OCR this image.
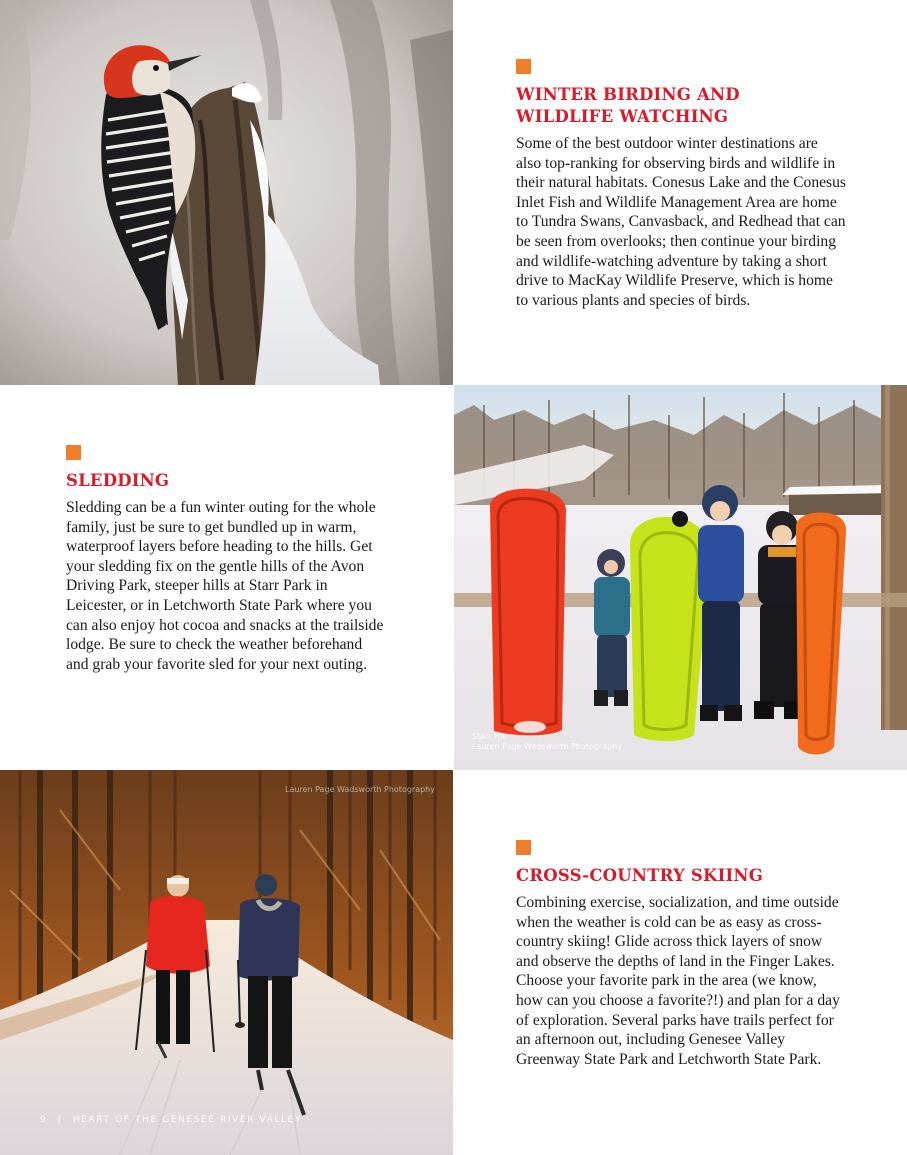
WINTER BIRDING AND
WILDLIFE WATCHING

Some of the best outdoor winter destinations are also top-ranking for observing birds and wildlife in their natural habitats. Conesus Lake and the Conesus Inlet Fish and Wildlife Management Area are home to Tundra Swans, Canvasback, and Redhead that can be seen from overlooks; then continue your birding and wildlife-watching adventure by taking a short drive to MacKay Wildlife Preserve, which is home to various plants and species of birds.

SLEDDING

Sledding can be a fun winter outing for the whole family, just be sure to get bundled up in warm, waterproof layers before heading to the hills. Get your sledding fix on the gentle hills of the Avon Driving Park, steeper hills at Starr Park in Leicester, or in Letchworth State Park where you can also enjoy hot cocoa and snacks at the trailside lodge. Be sure to check the weather beforehand and grab your favorite sled for your next outing.

Starr Hill
Lauren Page Wadsworth Photography
Lauren Page Wadsworth Photography
CROSS-COUNTRY SKIING

Combining exercise, socialization, and time outside when the weather is cold can be as easy as cross-country skiing! Glide across thick layers of snow and observe the depths of land in the Finger Lakes. Choose your favorite park in the area (we know, how can you choose a favorite?!) and plan for a day of exploration. Several parks have trails perfect for an afternoon out, including Genesee Valley Greenway State Park and Letchworth State Park.

9 | HEART OF THE GENESEE RIVER VALLEY
